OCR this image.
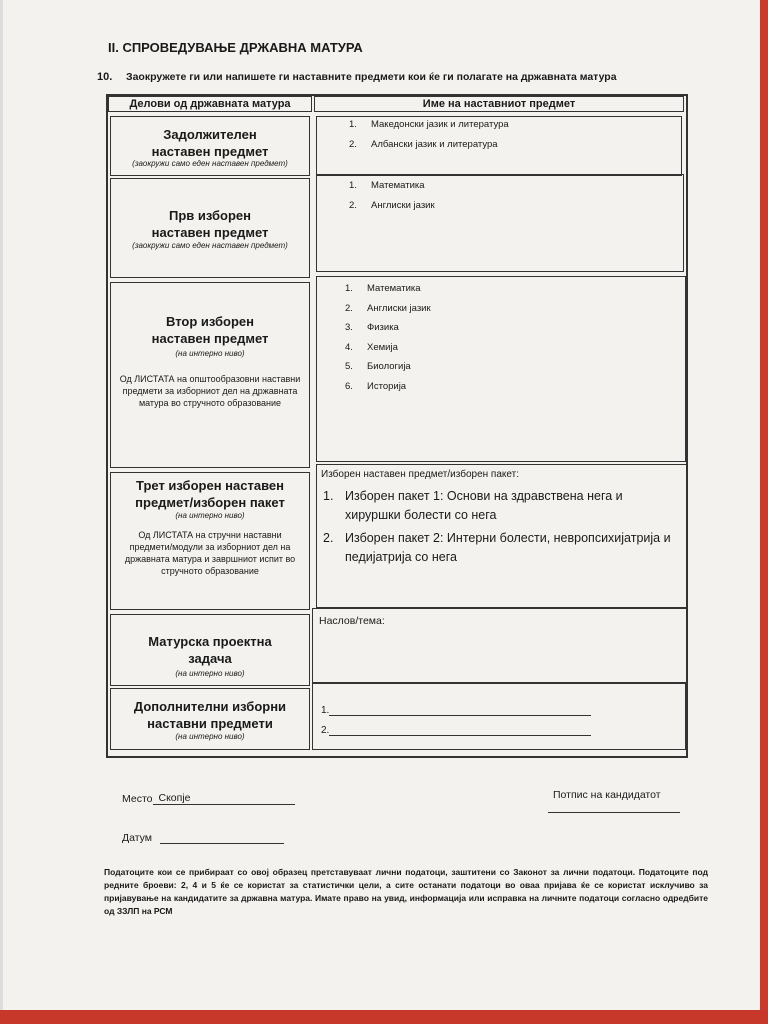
II. СПРОВЕДУВАЊЕ ДРЖАВНА МАТУРА
10. Заокружете ги или напишете ги наставните предмети кои ќе ги полагате на државната матура
Делови од државната матура	Име на наставниот предмет
Задолжителен наставен предмет
(заокружи само еден наставен предмет)
1. Македонски јазик и литература
2. Албански јазик и литература
Прв изборен наставен предмет
(заокружи само еден наставен предмет)
1. Математика
2. Англиски јазик
Втор изборен наставен предмет
(на интерно ниво)
Од ЛИСТАТА на општообразовни наставни предмети за изборниот дел на државната матура во стручното образование
1. Математика
2. Англиски јазик
3. Физика
4. Хемија
5. Биологија
6. Историја
Трет изборен наставен предмет/изборен пакет
(на интерно ниво)
Од ЛИСТАТА на стручни наставни предмети/модули за изборниот дел на државната матура и завршниот испит во стручното образование
Изборен наставен предмет/изборен пакет:
1. Изборен пакет 1: Основи на здравствена нега и хируршки болести со нега
2. Изборен пакет 2: Интерни болести, невропсихијатрија и педијатрија со нега
Матурска проектна задача
(на интерно ниво)
Наслов/тема:
Дополнителни изборни наставни предмети
(на интерно ниво)
1.
2.
Место Скопје	Потпис на кандидатот
Датум
Податоците кои се прибираат со овој образец претставуваат лични податоци, заштитени со Законот за лични податоци. Податоците под редните броеви: 2, 4 и 5 ќе се користат за статистички цели, а сите останати податоци во оваа пријава ќе се користат исклучиво за пријавување на кандидатите за државна матура. Имате право на увид, информација или исправка на личните податоци согласно одредбите од ЗЗЛП на РСМ
